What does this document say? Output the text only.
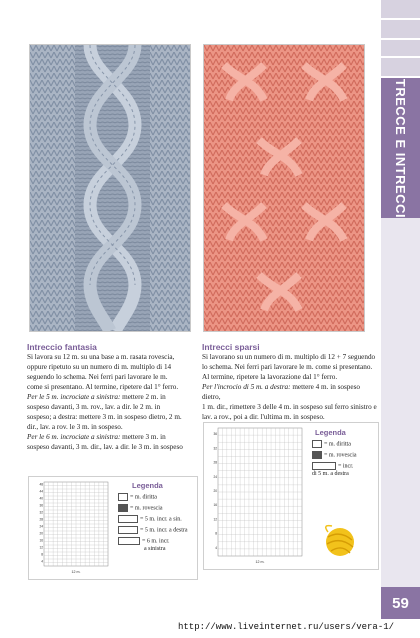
TRECCE E INTRECCI
59
Intreccio fantasia
Si lavora su 12 m. su una base a m. rasata rovescia,
oppure ripetuto su un numero di m. multiplo di 14
seguendo lo schema. Nei ferri pari lavorare le m.
come si presentano. Al termine, ripetere dal 1° ferro.
Per le 5 m. incrociate a sinistra: mettere 2 m. in
sospeso davanti, 3 m. rov., lav. a dir. le 2 m. in
sospeso; a destra: mettere 3 m. in sospeso dietro, 2 m.
dir., lav. a rov. le 3 m. in sospeso.
Per le 6 m. incrociate a sinistra: mettere 3 m. in
sospeso davanti, 3 m. dir., lav. a dir. le 3 m. in sospeso
Intrecci sparsi
Si lavorano su un numero di m. multiplo di 12 + 7 seguendo
lo schema. Nei ferri pari lavorare le m. come si presentano.
Al termine, ripetere la lavorazione dal 1° ferro.
Per l'incrocio di 5 m. a destra: mettere 4 m. in sospeso dietro,
1 m. dir., rimettere 3 delle 4 m. in sospeso sul ferro sinistro e
lav. a rov., poi a dir. l'ultima m. in sospeso.
48
44
40
36
32
28
24
20
16
12
8
4
12 m.
Legenda
= m. diritta
= m. rovescia
= 5 m. incr. a sin.
= 5 m. incr. a destra
= 6 m. incr.
a sinistra
36
32
28
24
20
16
12
8
4
12 m.
Legenda
= m. diritta
= m. rovescia
= incr.
di 5 m. a destra
http://www.liveinternet.ru/users/vera-1/
